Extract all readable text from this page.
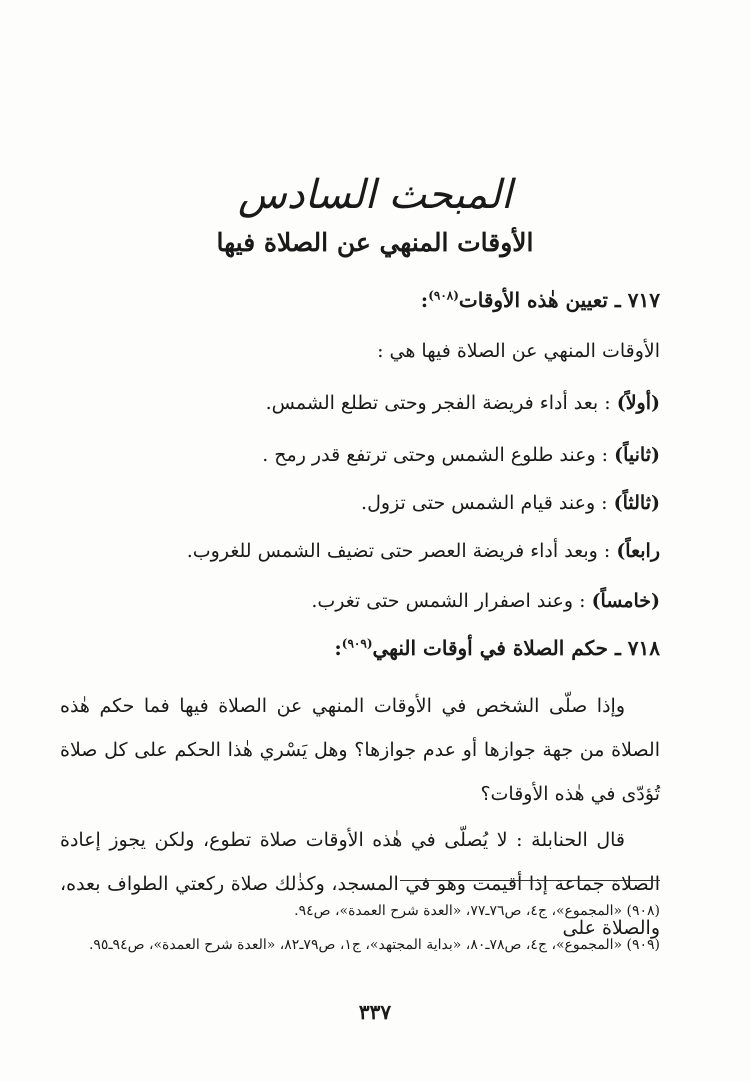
المبحث السادس
الأوقات المنهي عن الصلاة فيها
٧١٧ ـ تعيين هٰذه الأوقات$^{(٩٠٨)}$:
الأوقات المنهي عن الصلاة فيها هي :
(أولاً) : بعد أداء فريضة الفجر وحتى تطلع الشمس.
(ثانياً) : وعند طلوع الشمس وحتى ترتفع قدر رمح .
(ثالثاً) : وعند قيام الشمس حتى تزول.
رابعاً) : وبعد أداء فريضة العصر حتى تضيف الشمس للغروب.
(خامساً) : وعند اصفرار الشمس حتى تغرب.
٧١٨ ـ حكم الصلاة في أوقات النهي$^{(٩٠٩)}$:
وإذا صلّى الشخص في الأوقات المنهي عن الصلاة فيها فما حكم هٰذه الصلاة من جهة جوازها أو عدم جوازها؟ وهل يَسْري هٰذا الحكم على كل صلاة تُؤدّى في هٰذه الأوقات؟
قال الحنابلة : لا يُصلّى في هٰذه الأوقات صلاة تطوع، ولكن يجوز إعادة الصلاة جماعة إذا أقيمت وهو في المسجد، وكذٰلك صلاة ركعتي الطواف بعده، والصلاة على
(٩٠٨) «المجموع»، ج٤، ص٧٦ـ٧٧، «العدة شرح العمدة»، ص٩٤.
(٩٠٩) «المجموع»، ج٤، ص٧٨ـ٨٠، «بداية المجتهد»، ج١، ص٧٩ـ٨٢، «العدة شرح العمدة»، ص٩٤ـ٩٥.
٣٣٧
